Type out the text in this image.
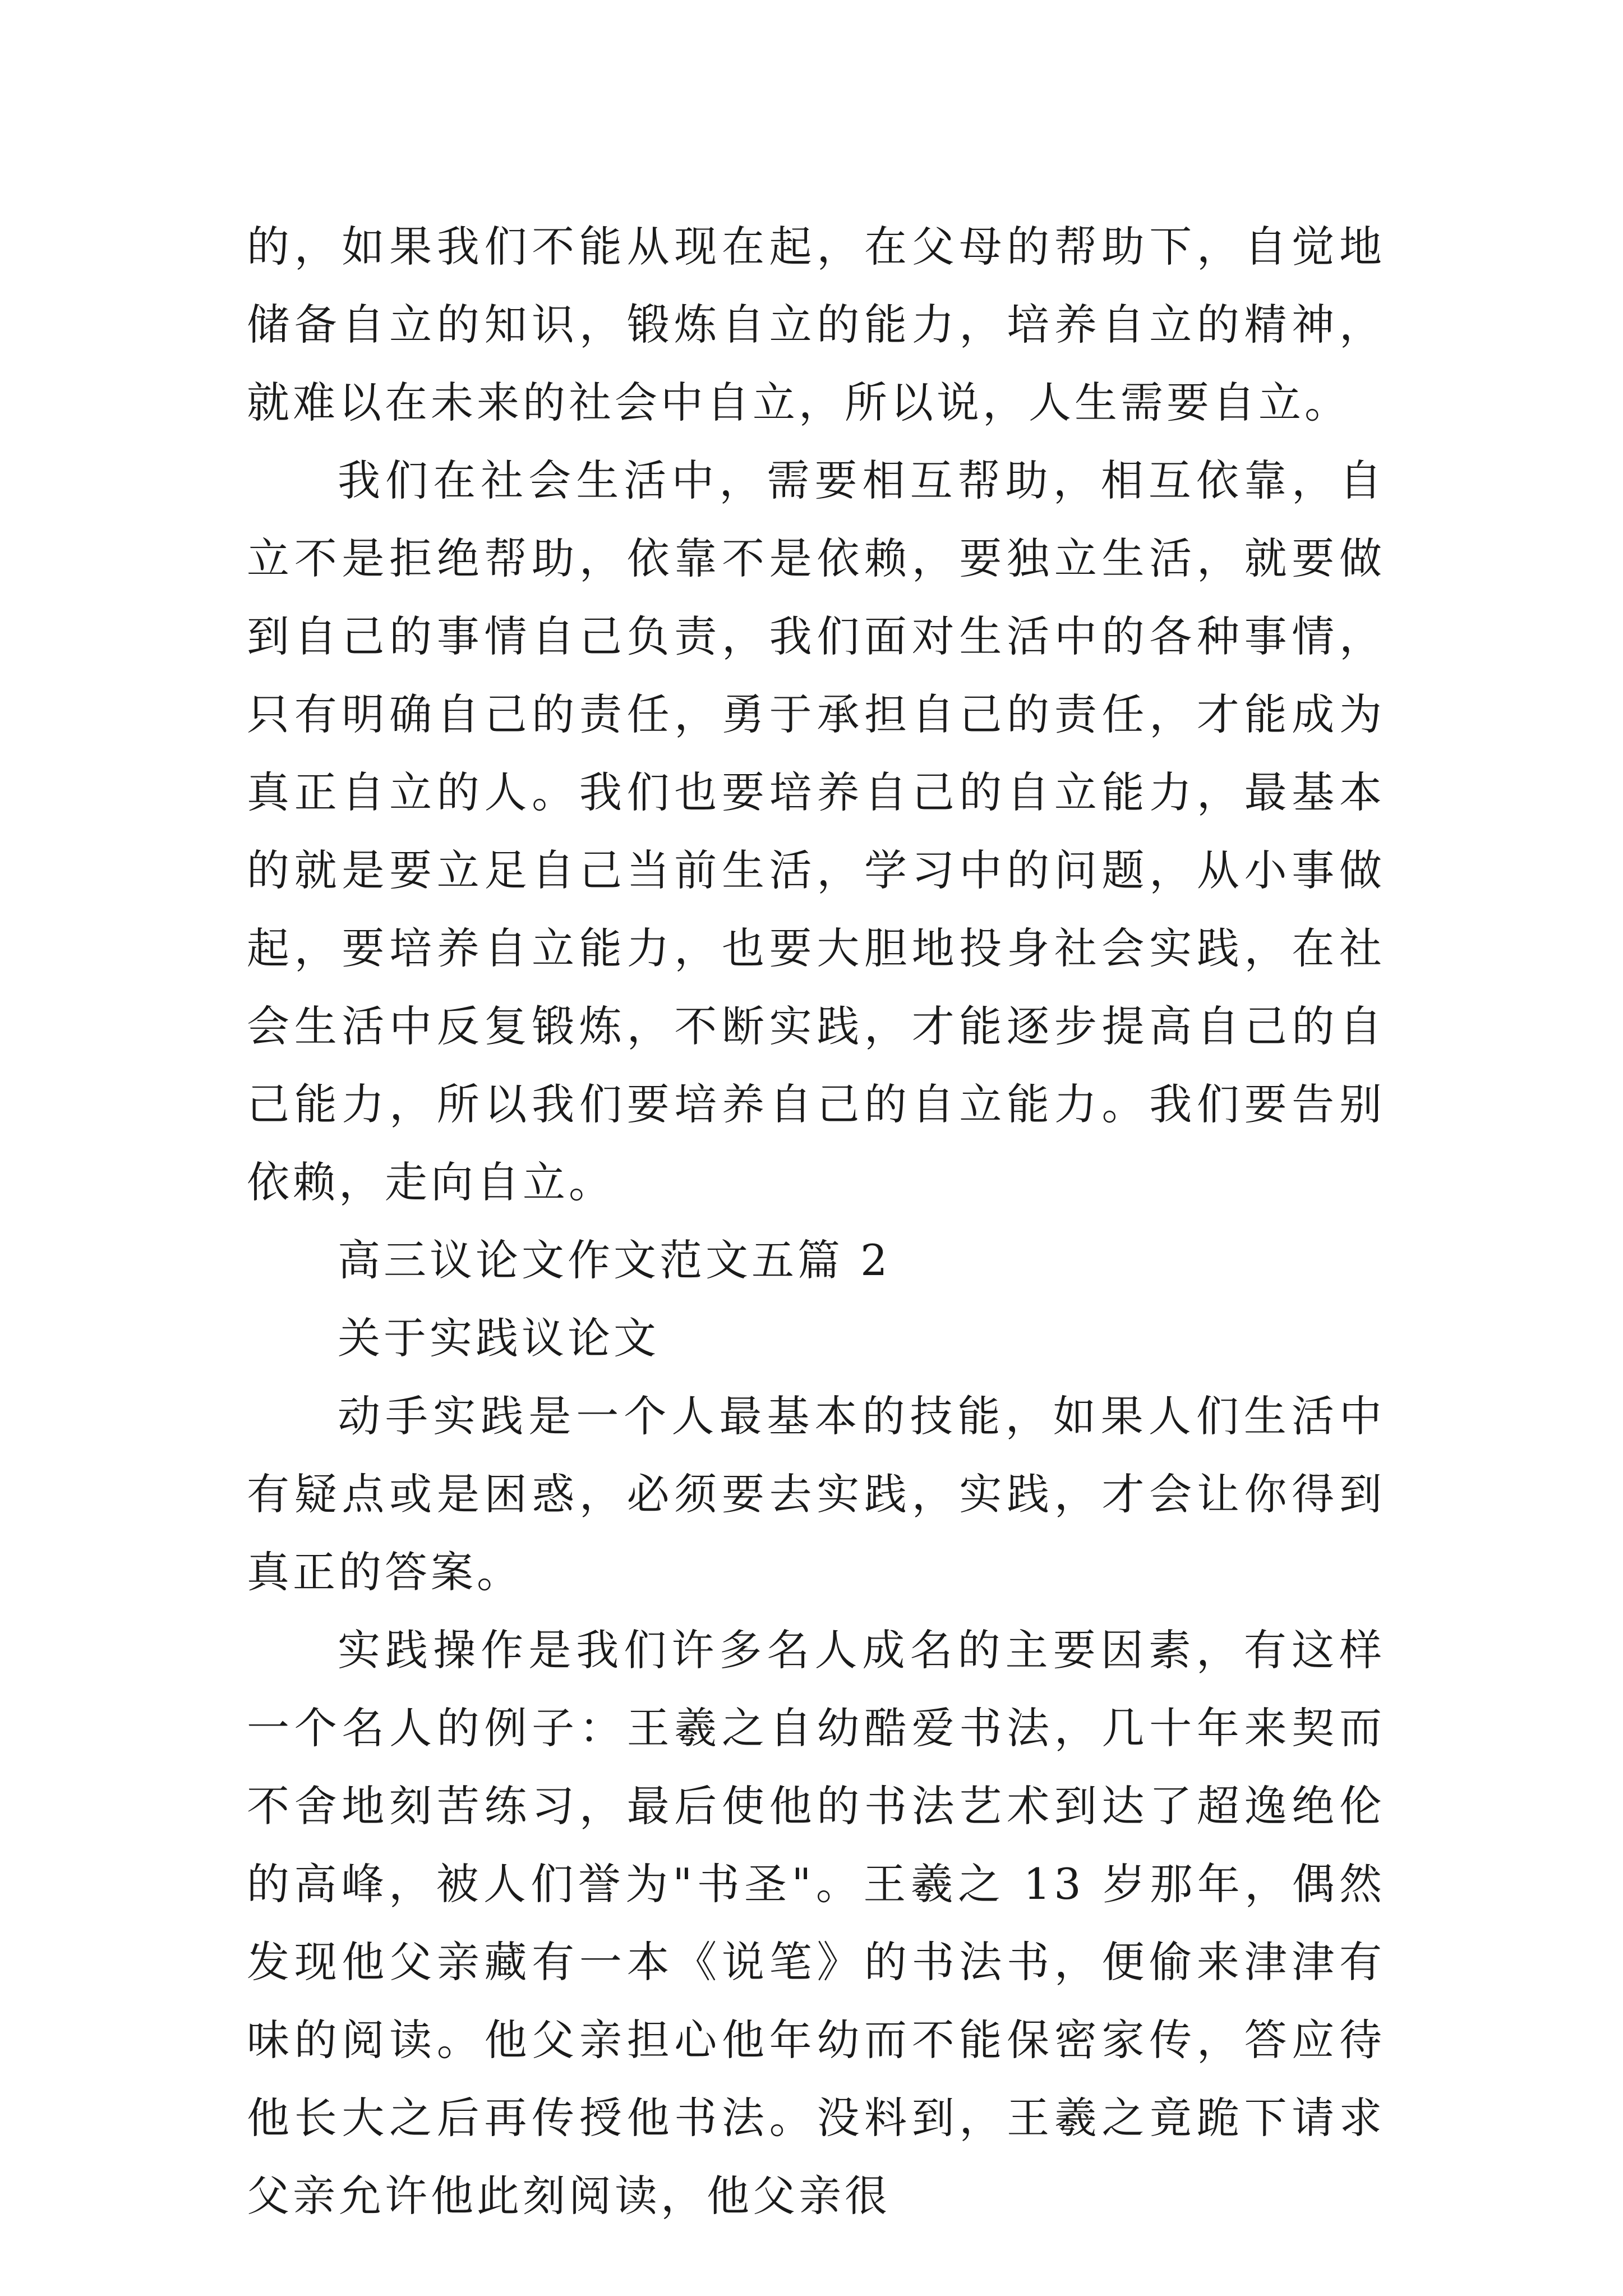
的，如果我们不能从现在起，在父母的帮助下，自觉地储备自立的知识，锻炼自立的能力，培养自立的精神，就难以在未来的社会中自立，所以说，人生需要自立。

我们在社会生活中，需要相互帮助，相互依靠，自立不是拒绝帮助，依靠不是依赖，要独立生活，就要做到自己的事情自己负责，我们面对生活中的各种事情，只有明确自己的责任，勇于承担自己的责任，才能成为真正自立的人。我们也要培养自己的自立能力，最基本的就是要立足自己当前生活，学习中的问题，从小事做起，要培养自立能力，也要大胆地投身社会实践，在社会生活中反复锻炼，不断实践，才能逐步提高自己的自己能力，所以我们要培养自己的自立能力。我们要告别依赖，走向自立。

高三议论文作文范文五篇 2

关于实践议论文

动手实践是一个人最基本的技能，如果人们生活中有疑点或是困惑，必须要去实践，实践，才会让你得到真正的答案。

实践操作是我们许多名人成名的主要因素，有这样一个名人的例子：王羲之自幼酷爱书法，几十年来契而不舍地刻苦练习，最后使他的书法艺术到达了超逸绝伦的高峰，被人们誉为"书圣"。王羲之 13 岁那年，偶然发现他父亲藏有一本《说笔》的书法书，便偷来津津有味的阅读。他父亲担心他年幼而不能保密家传，答应待他长大之后再传授他书法。没料到，王羲之竟跪下请求父亲允许他此刻阅读，他父亲很
